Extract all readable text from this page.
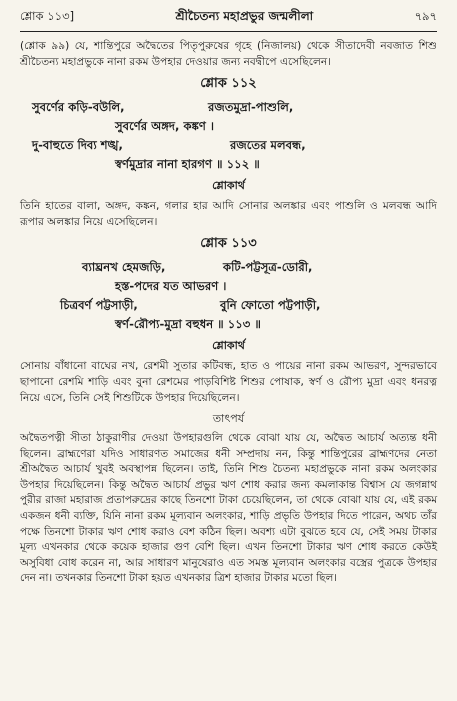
শ্লোক ১১৩]	শ্রীচৈতন্য মহাপ্রভুর জন্মলীলা	৭৯৭

(শ্লোক ৯৯) যে, শান্তিপুরে অদ্বৈতের পিতৃপুরুষের গৃহে (নিজালয়) থেকে সীতাদেবী নবজাত শিশু শ্রীচৈতন্য মহাপ্রভুকে নানা রকম উপহার দেওয়ার জন্য নবদ্বীপে এসেছিলেন।

শ্লোক ১১২
সুবর্ণের কড়ি-বউলি,	রজতমুদ্রা-পাশুলি,
সুবর্ণের অঙ্গদ, কঙ্কণ ।
দু-বাহুতে দিব্য শঙ্খ,	রজতের মলবন্ধ,
স্বর্ণমুদ্রার নানা হারগণ ॥ ১১২ ॥
শ্লোকার্থ

তিনি হাতের বালা, অঙ্গদ, কঙ্কন, গলার হার আদি সোনার অলঙ্কার এবং পাশুলি ও মলবন্ধ আদি রূপার অলঙ্কার নিয়ে এসেছিলেন।

শ্লোক ১১৩
ব্যাঘ্রনখ হেমজড়ি,	কটি-পট্টসূত্র-ডোরী,
হস্ত-পদের যত আভরণ ।
চিত্রবর্ণ পট্টসাড়ী,	বুনি ফোতো পট্টপাড়ী,
স্বর্ণ-রৌপ্য-মুদ্রা বহুধন ॥ ১১৩ ॥
শ্লোকার্থ

সোনায় বাঁধানো বাঘের নখ, রেশমী সুতার কটিবন্ধ, হাত ও পায়ের নানা রকম আভরণ, সুন্দরভাবে ছাপানো রেশমি শাড়ি এবং বুনা রেশমের পাড়বিশিষ্ট শিশুর পোষাক, স্বর্ণ ও রৌপ্য মুদ্রা এবং ধনরত্ন নিয়ে এসে, তিনি সেই শিশুটিকে উপহার দিয়েছিলেন।

তাৎপর্য

অদ্বৈতপত্নী সীতা ঠাকুরাণীর দেওয়া উপহারগুলি থেকে বোঝা যায় যে, অদ্বৈত আচার্য অত্যন্ত ধনী ছিলেন। ব্রাহ্মণেরা যদিও সাধারণত সমাজের ধনী সম্প্রদায় নন, কিন্তু শান্তিপুরের ব্রাহ্মণদের নেতা শ্রীঅদ্বৈত আচার্য খুবই অবস্থাপন্ন ছিলেন। তাই, তিনি শিশু চৈতন্য মহাপ্রভুকে নানা রকম অলংকার উপহার দিয়েছিলেন। কিন্তু অদ্বৈত আচার্য প্রভুর ঋণ শোধ করার জন্য কমলাকান্ত বিশ্বাস যে জগন্নাথ পুরীর রাজা মহারাজ প্রতাপরুদ্রের কাছে তিনশো টাকা চেয়েছিলেন, তা থেকে বোঝা যায় যে, এই রকম একজন ধনী ব্যক্তি, যিনি নানা রকম মূল্যবান অলংকার, শাড়ি প্রভৃতি উপহার দিতে পারেন, অথচ তাঁর পক্ষে তিনশো টাকার ঋণ শোধ করাও বেশ কঠিন ছিল। অবশ্য এটা বুঝতে হবে যে, সেই সময় টাকার মূল্য এখনকার থেকে কয়েক হাজার গুণ বেশি ছিল। এখন তিনশো টাকার ঋণ শোধ করতে কেউই অসুবিধা বোধ করেন না, আর সাধারণ মানুষেরাও এত সমস্ত মূল্যবান অলংকার বস্ত্রের পুত্রকে উপহার দেন না। তখনকার তিনশো টাকা হয়ত এখনকার ত্রিশ হাজার টাকার মতো ছিল।
